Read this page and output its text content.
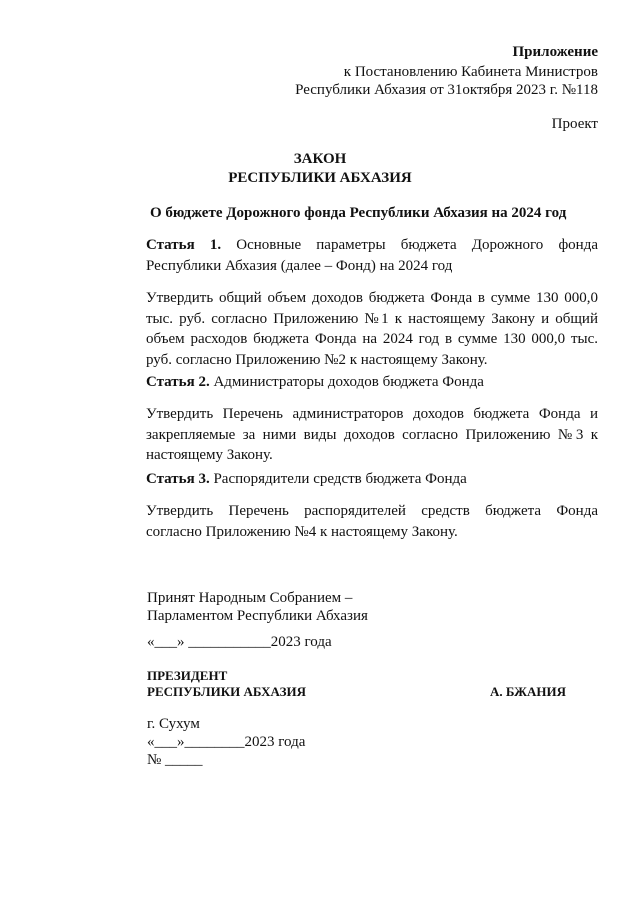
Приложение
к Постановлению Кабинета Министров
Республики Абхазия от 31октября 2023 г. №118
Проект
ЗАКОН
РЕСПУБЛИКИ АБХАЗИЯ
О бюджете Дорожного фонда Республики Абхазия на 2024 год
Статья 1. Основные параметры бюджета Дорожного фонда Республики Абхазия (далее – Фонд) на 2024 год
Утвердить общий объем доходов бюджета Фонда в сумме 130 000,0 тыс. руб. согласно Приложению №1 к настоящему Закону и общий объем расходов бюджета Фонда на 2024 год в сумме 130 000,0 тыс. руб. согласно Приложению №2 к настоящему Закону.
Статья 2. Администраторы доходов бюджета Фонда
Утвердить Перечень администраторов доходов бюджета Фонда и закрепляемые за ними виды доходов согласно Приложению №3 к настоящему Закону.
Статья 3. Распорядители средств бюджета Фонда
Утвердить Перечень распорядителей средств бюджета Фонда согласно Приложению №4 к настоящему Закону.
Принят Народным Собранием –
Парламентом Республики Абхазия
«___» ___________2023 года
ПРЕЗИДЕНТ
РЕСПУБЛИКИ АБХАЗИЯ	А. БЖАНИЯ
г. Сухум
«___»________2023 года
№ _____
